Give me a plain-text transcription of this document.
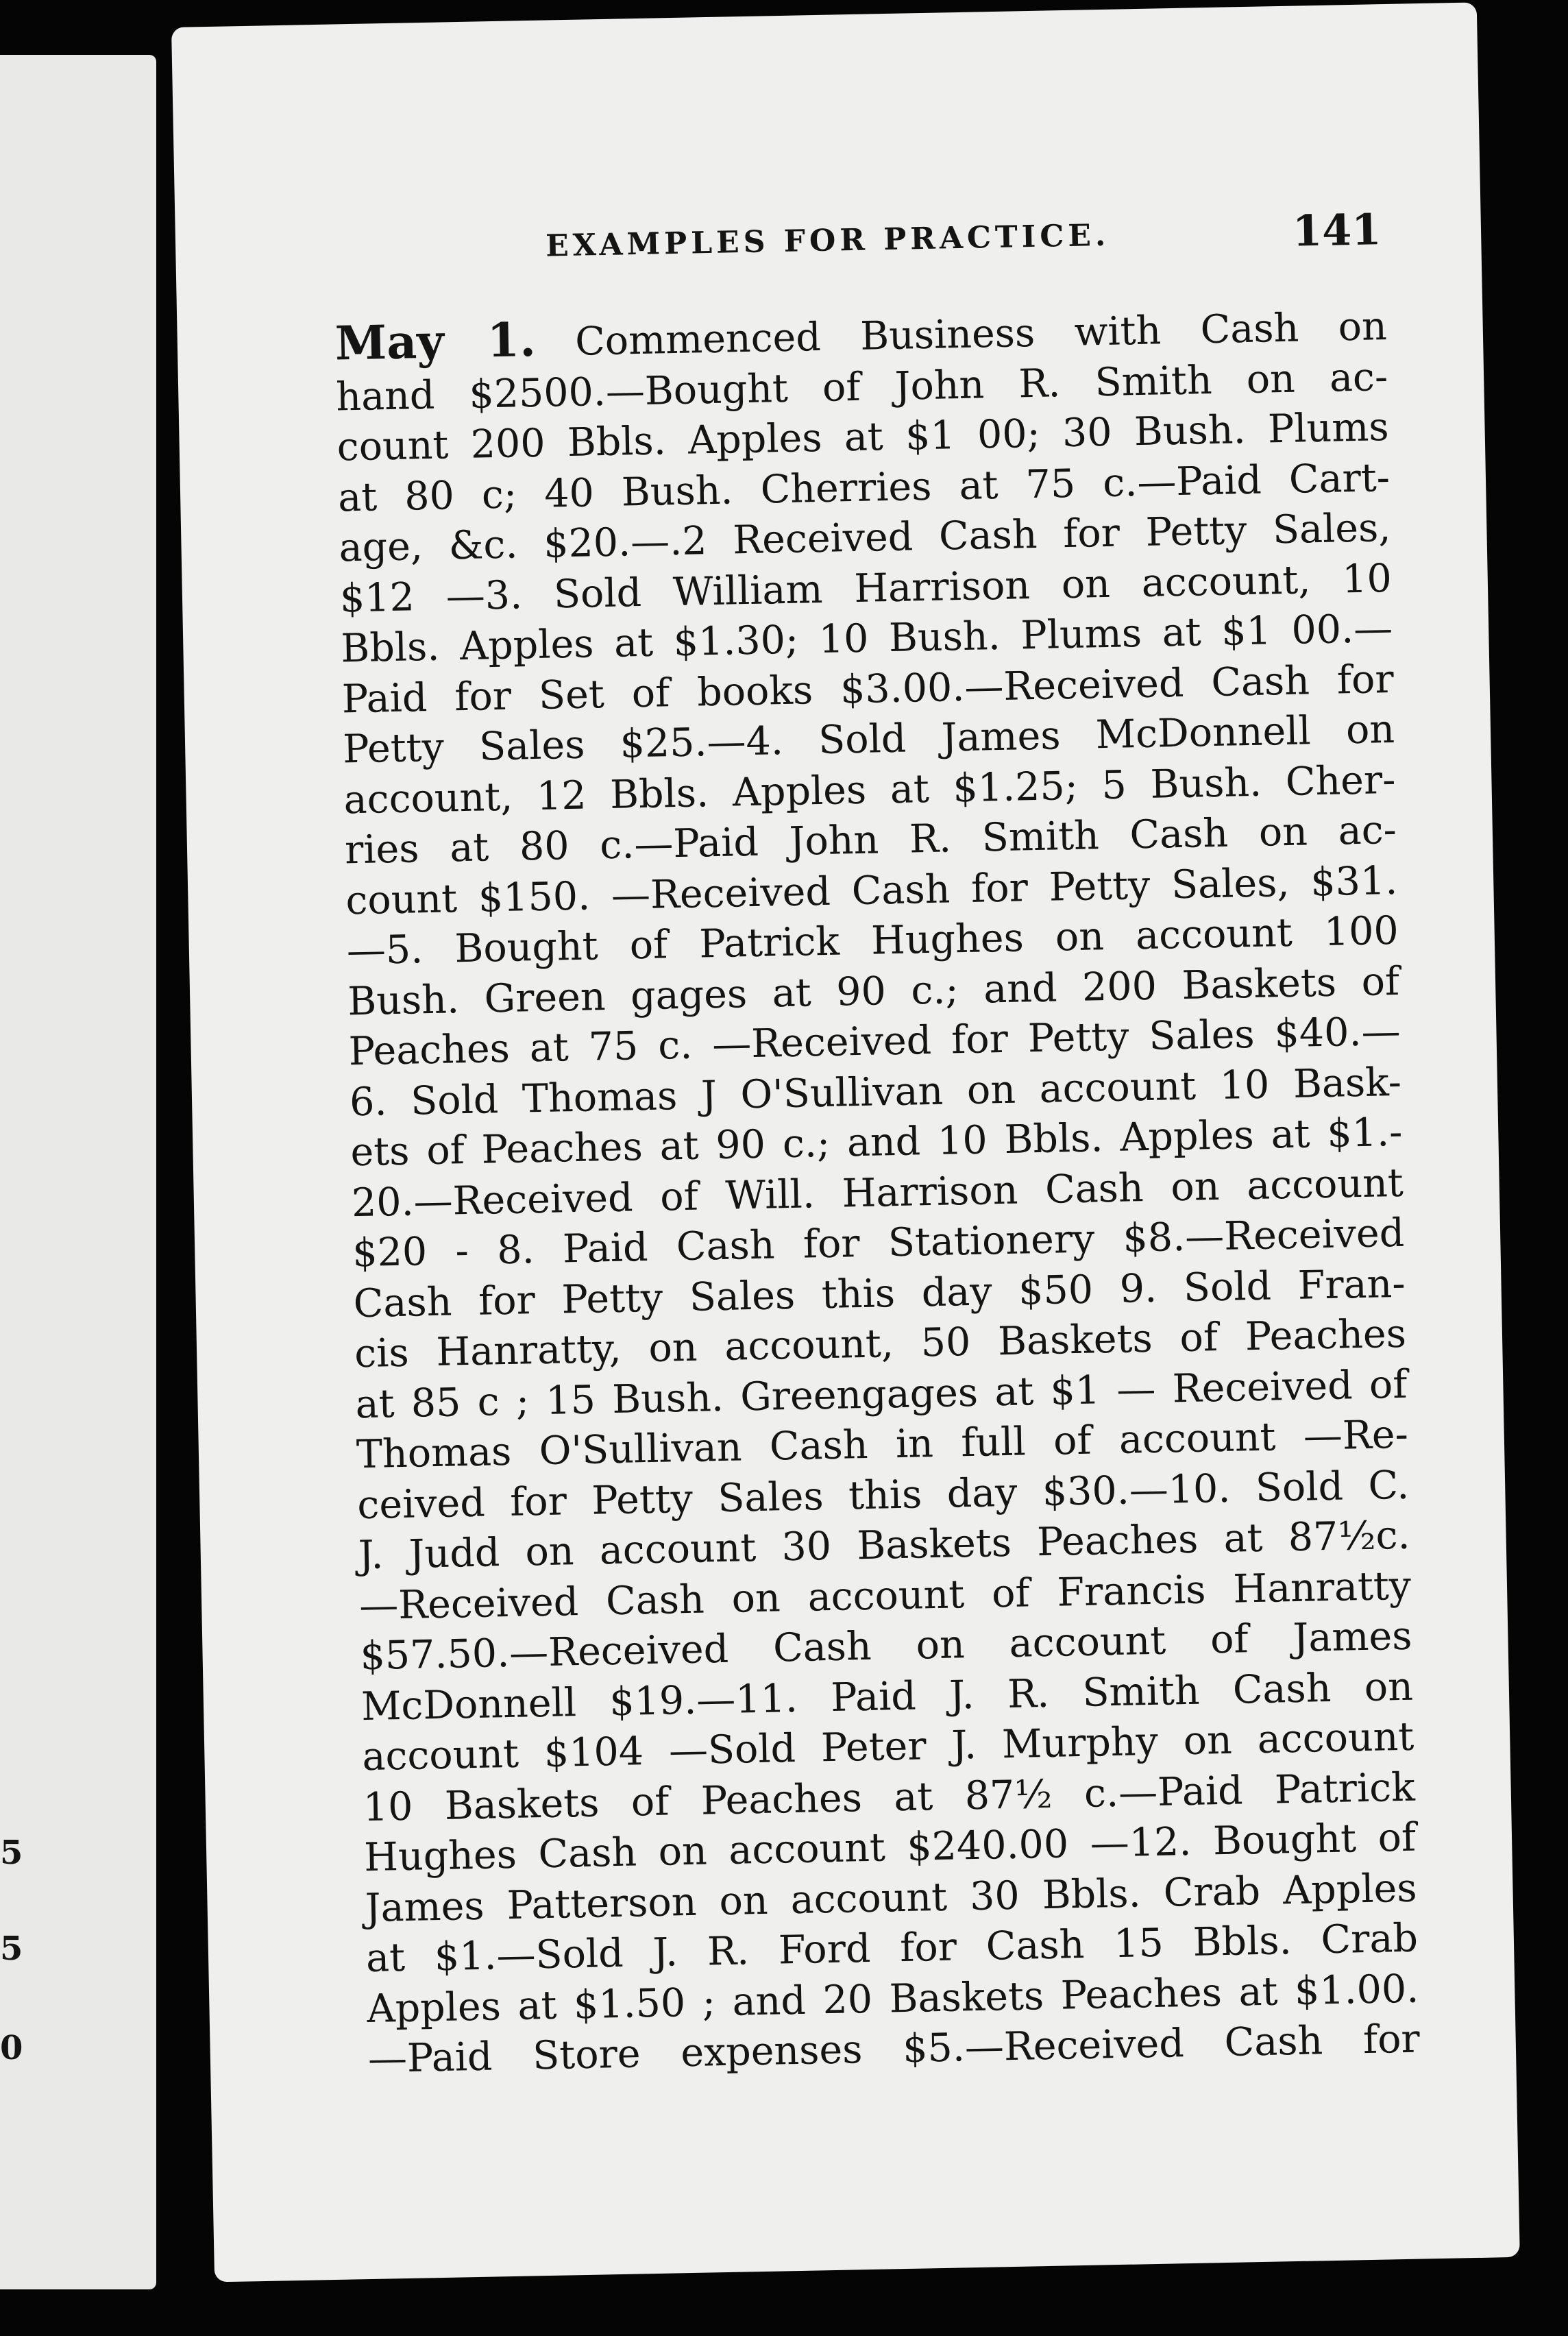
5
5
0
EXAMPLES FOR PRACTICE.	141
May 1. Commenced Business with Cash on
hand $2500.—Bought of John R. Smith on ac-
count 200 Bbls. Apples at $1 00; 30 Bush. Plums
at 80 c; 40 Bush. Cherries at 75 c.—Paid Cart-
age, &c. $20.—.2 Received Cash for Petty Sales,
$12 —3. Sold William Harrison on account, 10
Bbls. Apples at $1.30; 10 Bush. Plums at $1 00.—
Paid for Set of books $3.00.—Received Cash for
Petty Sales $25.—4. Sold James McDonnell on
account, 12 Bbls. Apples at $1.25; 5 Bush. Cher-
ries at 80 c.—Paid John R. Smith Cash on ac-
count $150. —Received Cash for Petty Sales, $31.
—5. Bought of Patrick Hughes on account 100
Bush. Green gages at 90 c.; and 200 Baskets of
Peaches at 75 c. —Received for Petty Sales $40.—
6. Sold Thomas J O'Sullivan on account 10 Bask-
ets of Peaches at 90 c.; and 10 Bbls. Apples at $1.-
20.—Received of Will. Harrison Cash on account
$20 - 8. Paid Cash for Stationery $8.—Received
Cash for Petty Sales this day $50 9. Sold Fran-
cis Hanratty, on account, 50 Baskets of Peaches
at 85 c ; 15 Bush. Greengages at $1 — Received of
Thomas O'Sullivan Cash in full of account —Re-
ceived for Petty Sales this day $30.—10. Sold C.
J. Judd on account 30 Baskets Peaches at 87½c.
—Received Cash on account of Francis Hanratty
$57.50.—Received Cash on account of James
McDonnell $19.—11. Paid J. R. Smith Cash on
account $104 —Sold Peter J. Murphy on account
10 Baskets of Peaches at 87½ c.—Paid Patrick
Hughes Cash on account $240.00 —12. Bought of
James Patterson on account 30 Bbls. Crab Apples
at $1.—Sold J. R. Ford for Cash 15 Bbls. Crab
Apples at $1.50 ; and 20 Baskets Peaches at $1.00.
—Paid Store expenses $5.—Received Cash for
